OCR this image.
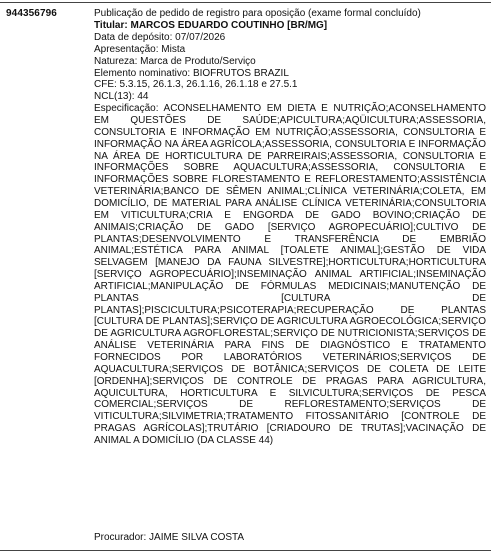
944356796	Publicação de pedido de registro para oposição (exame formal concluído)
Titular: MARCOS EDUARDO COUTINHO [BR/MG]
Data de depósito: 07/07/2026
Apresentação: Mista
Natureza: Marca de Produto/Serviço
Elemento nominativo: BIOFRUTOS BRAZIL
CFE: 5.3.15, 26.1.3, 26.1.16, 26.1.18 e 27.5.1
NCL(13): 44

Especificação: ACONSELHAMENTO EM DIETA E NUTRIÇÃO;ACONSELHAMENTO EM QUESTÕES DE SAÚDE;APICULTURA;AQÜICULTURA;ASSESSORIA, CONSULTORIA E INFORMAÇÃO EM NUTRIÇÃO;ASSESSORIA, CONSULTORIA E INFORMAÇÃO NA ÁREA AGRÍCOLA;ASSESSORIA, CONSULTORIA E INFORMAÇÃO NA ÁREA DE HORTICULTURA DE PARREIRAIS;ASSESSORIA, CONSULTORIA E INFORMAÇÕES SOBRE AQUACULTURA;ASSESSORIA, CONSULTORIA E INFORMAÇÕES SOBRE FLORESTAMENTO E REFLORESTAMENTO;ASSISTÊNCIA VETERINÁRIA;BANCO DE SÊMEN ANIMAL;CLÍNICA VETERINÁRIA;COLETA, EM DOMICÍLIO, DE MATERIAL PARA ANÁLISE CLÍNICA VETERINÁRIA;CONSULTORIA EM VITICULTURA;CRIA E ENGORDA DE GADO BOVINO;CRIAÇÃO DE ANIMAIS;CRIAÇÃO DE GADO [SERVIÇO AGROPECUÁRIO];CULTIVO DE PLANTAS;DESENVOLVIMENTO E TRANSFERÊNCIA DE EMBRIÃO ANIMAL;ESTÉTICA PARA ANIMAL [TOALETE ANIMAL];GESTÃO DE VIDA SELVAGEM [MANEJO DA FAUNA SILVESTRE];HORTICULTURA;HORTICULTURA [SERVIÇO AGROPECUÁRIO];INSEMINAÇÃO ANIMAL ARTIFICIAL;INSEMINAÇÃO ARTIFICIAL;MANIPULAÇÃO DE FÓRMULAS MEDICINAIS;MANUTENÇÃO DE PLANTAS [CULTURA DE PLANTAS];PISCICULTURA;PSICOTERAPIA;RECUPERAÇÃO DE PLANTAS [CULTURA DE PLANTAS];SERVIÇO DE AGRICULTURA AGROECOLÓGICA;SERVIÇO DE AGRICULTURA AGROFLORESTAL;SERVIÇO DE NUTRICIONISTA;SERVIÇOS DE ANÁLISE VETERINÁRIA PARA FINS DE DIAGNÓSTICO E TRATAMENTO FORNECIDOS POR LABORATÓRIOS VETERINÁRIOS;SERVIÇOS DE AQUACULTURA;SERVIÇOS DE BOTÂNICA;SERVIÇOS DE COLETA DE LEITE [ORDENHA];SERVIÇOS DE CONTROLE DE PRAGAS PARA AGRICULTURA, AQUICULTURA, HORTICULTURA E SILVICULTURA;SERVIÇOS DE PESCA COMERCIAL;SERVIÇOS DE REFLORESTAMENTO;SERVIÇOS DE VITICULTURA;SILVIMETRIA;TRATAMENTO FITOSSANITÁRIO [CONTROLE DE PRAGAS AGRÍCOLAS];TRUTÁRIO [CRIADOURO DE TRUTAS];VACINAÇÃO DE ANIMAL A DOMICÍLIO (DA CLASSE 44)

Procurador: JAIME SILVA COSTA
